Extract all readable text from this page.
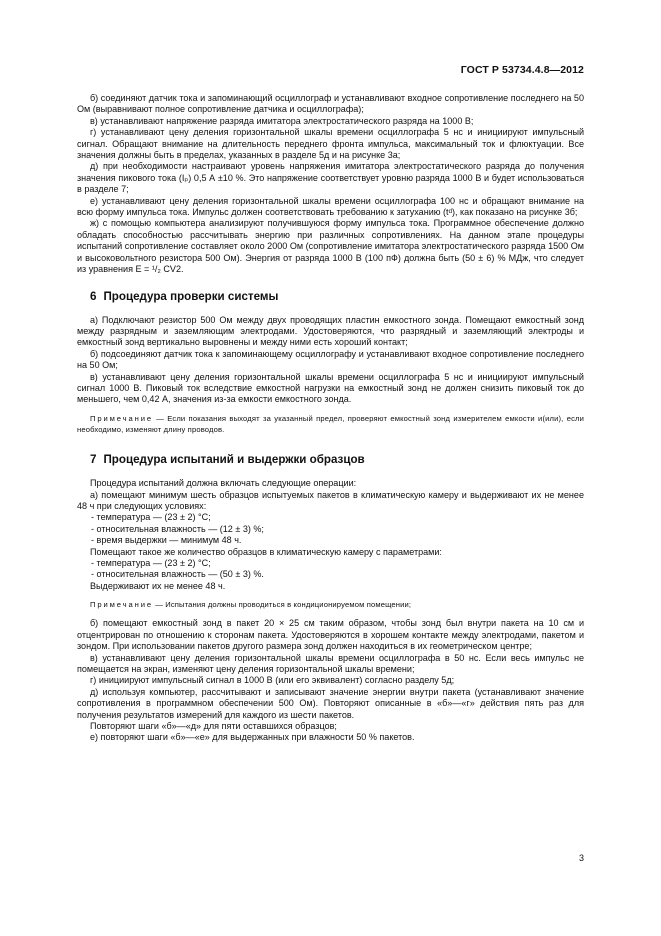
ГОСТ Р 53734.4.8—2012

б) соединяют датчик тока и запоминающий осциллограф и устанавливают входное сопротивление последнего на 50 Ом (выравнивают полное сопротивление датчика и осциллографа);

в) устанавливают напряжение разряда имитатора электростатического разряда на 1000 В;

г) устанавливают цену деления горизонтальной шкалы времени осциллографа 5 нс и инициируют импульсный сигнал. Обращают внимание на длительность переднего фронта импульса, максимальный ток и флюктуации. Все значения должны быть в пределах, указанных в разделе 5д и на рисунке 3а;

д) при необходимости настраивают уровень напряжения имитатора электростатического разряда до получения значения пикового тока (Iₚ) 0,5 А ±10 %. Это напряжение соответствует уровню разряда 1000 В и будет использоваться в разделе 7;

е) устанавливают цену деления горизонтальной шкалы времени осциллографа 100 нс и обращают внимание на всю форму импульса тока. Импульс должен соответствовать требованию к затуханию (tᵈ), как показано на рисунке 3б;

ж) с помощью компьютера анализируют получившуюся форму импульса тока. Программное обеспечение должно обладать способностью рассчитывать энергию при различных сопротивлениях. На данном этапе процедуры испытаний сопротивление составляет около 2000 Ом (сопротивление имитатора электростатического разряда 1500 Ом и высоковольтного резистора 500 Ом). Энергия от разряда 1000 В (100 пФ) должна быть (50 ± 6) % МДж, что следует из уравнения E = ¹/₂ CV2.

6 Процедура проверки системы

а) Подключают резистор 500 Ом между двух проводящих пластин емкостного зонда. Помещают емкостный зонд между разрядным и заземляющим электродами. Удостоверяются, что разрядный и заземляющий электроды и емкостный зонд вертикально выровнены и между ними есть хороший контакт;

б) подсоединяют датчик тока к запоминающему осциллографу и устанавливают входное сопротивление последнего на 50 Ом;

в) устанавливают цену деления горизонтальной шкалы времени осциллографа 5 нс и инициируют импульсный сигнал 1000 В. Пиковый ток вследствие емкостной нагрузки на емкостный зонд не должен снизить пиковый ток до меньшего, чем 0,42 А, значения из-за емкости емкостного зонда.

Примечание — Если показания выходят за указанный предел, проверяют емкостный зонд измерителем емкости и(или), если необходимо, изменяют длину проводов.

7 Процедура испытаний и выдержки образцов

Процедура испытаний должна включать следующие операции:

а) помещают минимум шесть образцов испытуемых пакетов в климатическую камеру и выдерживают их не менее 48 ч при следующих условиях:

- температура — (23 ± 2) °С;
- относительная влажность — (12 ± 3) %;
- время выдержки — минимум 48 ч.

Помещают такое же количество образцов в климатическую камеру с параметрами:

- температура — (23 ± 2) °С;
- относительная влажность — (50 ± 3) %.

Выдерживают их не менее 48 ч.

Примечание — Испытания должны проводиться в кондиционируемом помещении;

б) помещают емкостный зонд в пакет 20 × 25 см таким образом, чтобы зонд был внутри пакета на 10 см и отцентрирован по отношению к сторонам пакета. Удостоверяются в хорошем контакте между электродами, пакетом и зондом. При использовании пакетов другого размера зонд должен находиться в их геометрическом центре;

в) устанавливают цену деления горизонтальной шкалы времени осциллографа в 50 нс. Если весь импульс не помещается на экран, изменяют цену деления горизонтальной шкалы времени;

г) инициируют импульсный сигнал в 1000 В (или его эквивалент) согласно разделу 5д;

д) используя компьютер, рассчитывают и записывают значение энергии внутри пакета (устанавливают значение сопротивления в программном обеспечении 500 Ом). Повторяют описанные в «б»—«г» действия пять раз для получения результатов измерений для каждого из шести пакетов.

Повторяют шаги «б»—«д» для пяти оставшихся образцов;

е) повторяют шаги «б»—«е» для выдержанных при влажности 50 % пакетов.

3
